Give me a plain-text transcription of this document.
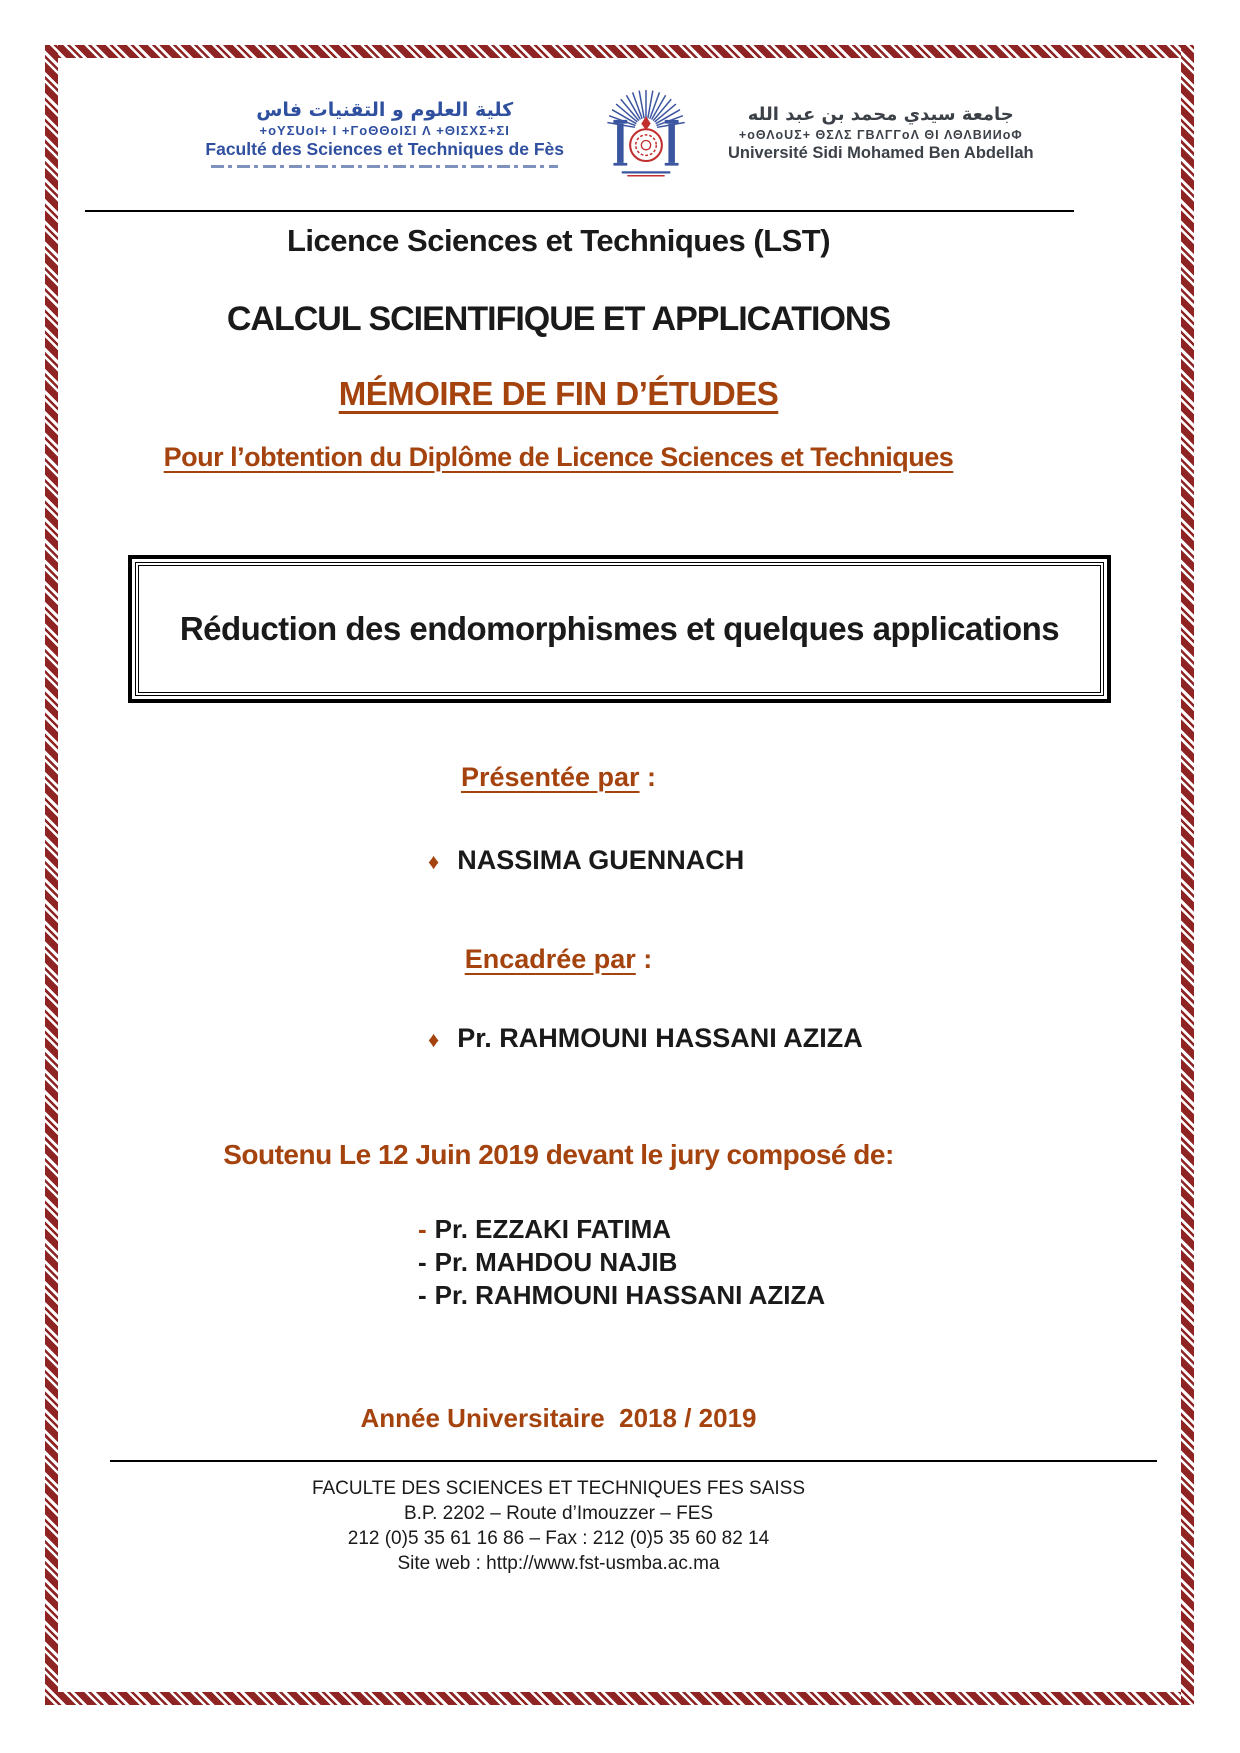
كلية العلوم و التقنيات فاس
+oYΣUoI+ I +ΓoΘΘoIΣI Λ +ΘIΣXΣ+ΣI
Faculté des Sciences et Techniques de Fès
جامعة سيدي محمد بن عبد الله
+oΘΛoUΣ+ ΘΣΛΣ ΓBΛΓΓoΛ ΘI ΛΘΛBИИoΦ
Université Sidi Mohamed Ben Abdellah
Licence Sciences et Techniques (LST)
CALCUL SCIENTIFIQUE ET APPLICATIONS
MÉMOIRE DE FIN D’ÉTUDES
Pour l’obtention du Diplôme de Licence Sciences et Techniques
Réduction des endomorphismes et quelques applications
Présentée par :
♦ NASSIMA GUENNACH
Encadrée par :
♦ Pr. RAHMOUNI HASSANI AZIZA
Soutenu Le 12 Juin 2019 devant le jury composé de:
- Pr. EZZAKI FATIMA
- Pr. MAHDOU NAJIB
- Pr. RAHMOUNI HASSANI AZIZA
Année Universitaire  2018 / 2019
FACULTE DES SCIENCES ET TECHNIQUES FES SAISS
B.P. 2202 – Route d’Imouzzer – FES
212 (0)5 35 61 16 86 – Fax : 212 (0)5 35 60 82 14
Site web : http://www.fst-usmba.ac.ma
